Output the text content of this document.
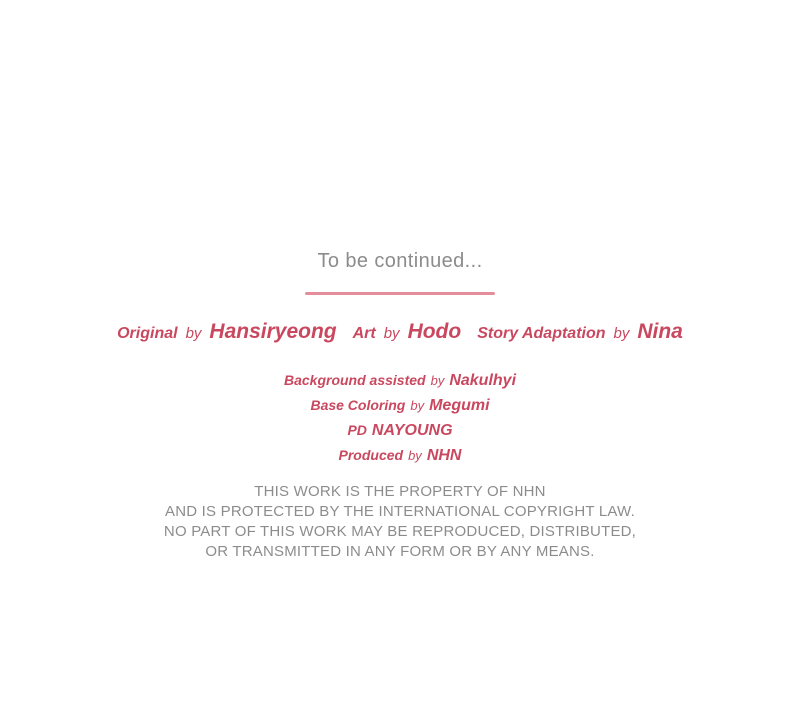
To be continued...
Original by Hansiryeong Art by Hodo Story Adaptation by Nina
Background assisted by Nakulhyi
Base Coloring by Megumi
PD NAYOUNG
Produced by NHN
THIS WORK IS THE PROPERTY OF NHN
AND IS PROTECTED BY THE INTERNATIONAL COPYRIGHT LAW.
NO PART OF THIS WORK MAY BE REPRODUCED, DISTRIBUTED,
OR TRANSMITTED IN ANY FORM OR BY ANY MEANS.
